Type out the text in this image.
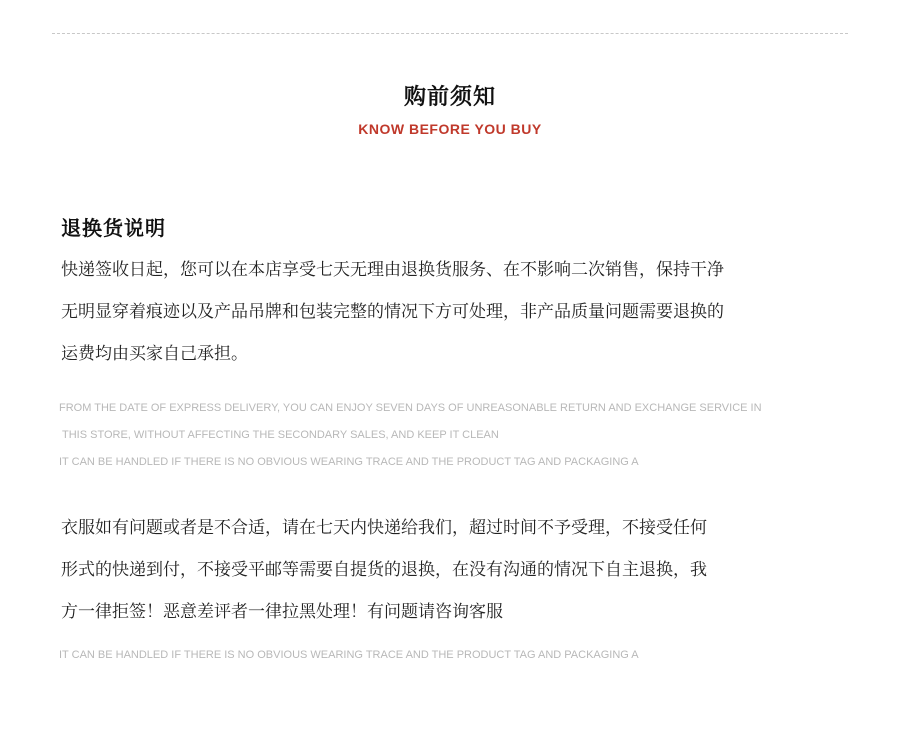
购前须知
KNOW BEFORE YOU BUY
退换货说明
快递签收日起，您可以在本店享受七天无理由退换货服务、在不影响二次销售，保持干净
无明显穿着痕迹以及产品吊牌和包装完整的情况下方可处理，非产品质量问题需要退换的
运费均由买家自己承担。
FROM THE DATE OF EXPRESS DELIVERY, YOU CAN ENJOY SEVEN DAYS OF UNREASONABLE RETURN AND EXCHANGE SERVICE IN
THIS STORE, WITHOUT AFFECTING THE SECONDARY SALES, AND KEEP IT CLEAN
IT CAN BE HANDLED IF THERE IS NO OBVIOUS WEARING TRACE AND THE PRODUCT TAG AND PACKAGING A
衣服如有问题或者是不合适，请在七天内快递给我们，超过时间不予受理，不接受任何
形式的快递到付，不接受平邮等需要自提货的退换，在没有沟通的情况下自主退换，我
方一律拒签！恶意差评者一律拉黑处理！有问题请咨询客服
IT CAN BE HANDLED IF THERE IS NO OBVIOUS WEARING TRACE AND THE PRODUCT TAG AND PACKAGING A
